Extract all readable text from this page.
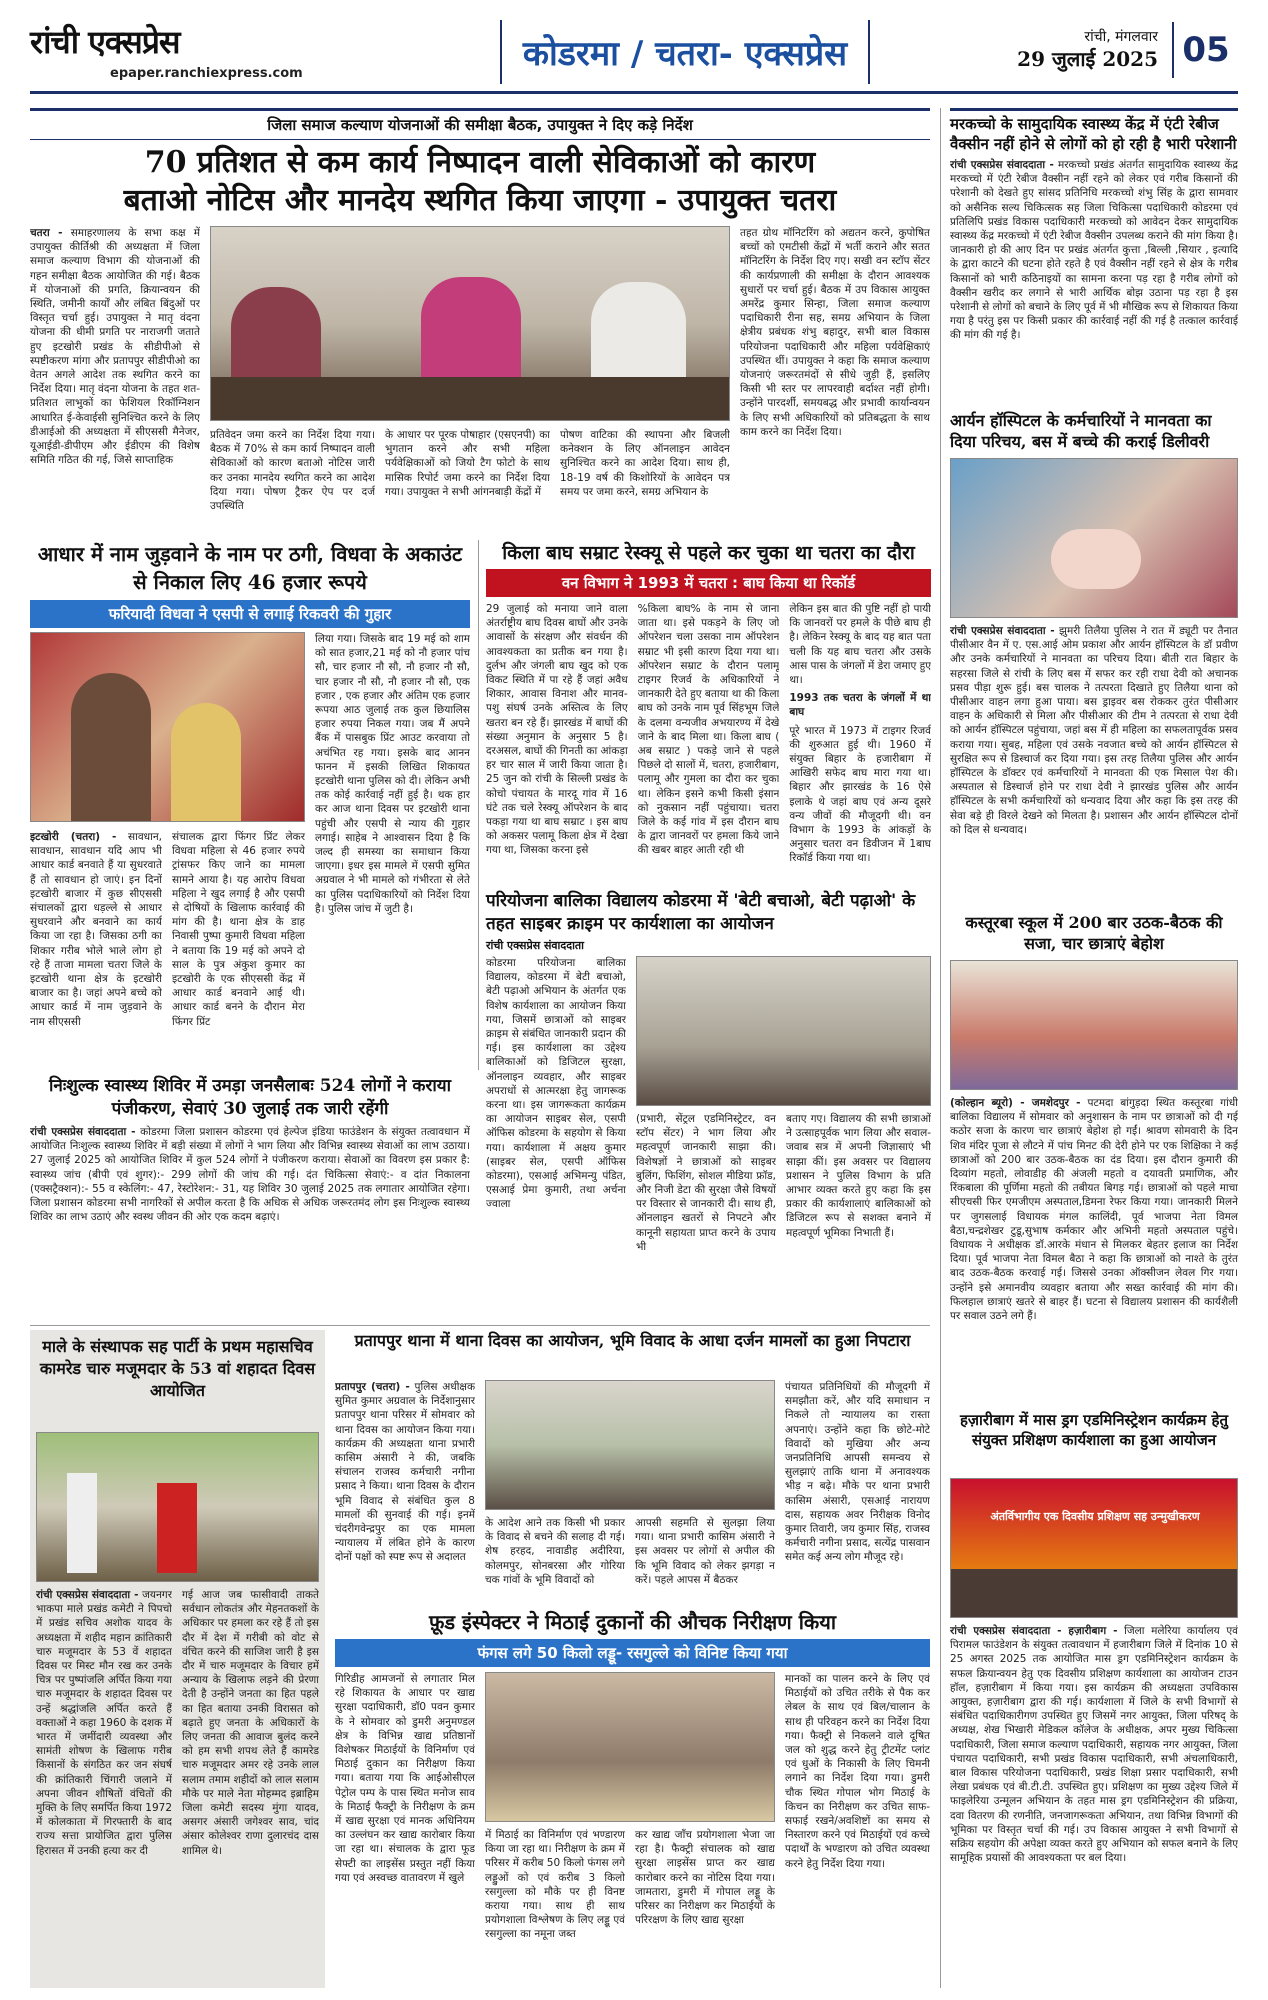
रांची एक्सप्रेस
epaper.ranchiexpress.com	कोडरमा / चतरा- एक्सप्रेस	रांची, मंगलवार
29 जुलाई 2025 05
जिला समाज कल्याण योजनाओं की समीक्षा बैठक, उपायुक्त ने दिए कड़े निर्देश
70 प्रतिशत से कम कार्य निष्पादन वाली सेविकाओं को कारण
बताओ नोटिस और मानदेय स्थगित किया जाएगा - उपायुक्त चतरा
चतरा - समाहरणालय के सभा कक्ष में उपायुक्त कीर्तिश्री की अध्यक्षता में जिला समाज कल्याण विभाग की योजनाओं की गहन समीक्षा बैठक आयोजित की गई। बैठक में योजनाओं की प्रगति, क्रियान्वयन की स्थिति, जमीनी कार्यों और लंबित बिंदुओं पर विस्तृत चर्चा हुई। उपायुक्त ने मातृ वंदना योजना की धीमी प्रगति पर नाराजगी जताते हुए इटखोरी प्रखंड के सीडीपीओ से स्पष्टीकरण मांगा और प्रतापपुर सीडीपीओ का वेतन अगले आदेश तक स्थगित करने का निर्देश दिया। मातृ वंदना योजना के तहत शत-प्रतिशत लाभुकों का फेशियल रिकॉग्निशन आधारित ई-केवाईसी सुनिश्चित करने के लिए डीआईओ की अध्यक्षता में सीएससी मैनेजर, यूआईडी-डीपीएम और ईडीएम की विशेष समिति गठित की गई, जिसे साप्ताहिक
प्रतिवेदन जमा करने का निर्देश दिया गया। बैठक में 70% से कम कार्य निष्पादन वाली सेविकाओं को कारण बताओ नोटिस जारी कर उनका मानदेय स्थगित करने का आदेश दिया गया। पोषण ट्रैकर ऐप पर दर्ज उपस्थिति
के आधार पर पूरक पोषाहार (एसएनपी) का भुगतान करने और सभी महिला पर्यवेक्षिकाओं को जियो टैग फोटो के साथ मासिक रिपोर्ट जमा करने का निर्देश दिया गया। उपायुक्त ने सभी आंगनबाड़ी केंद्रों में
पोषण वाटिका की स्थापना और बिजली कनेक्शन के लिए ऑनलाइन आवेदन सुनिश्चित करने का आदेश दिया। साथ ही, 18-19 वर्ष की किशोरियों के आवेदन पत्र समय पर जमा करने, समग्र अभियान के
तहत ग्रोथ मॉनिटरिंग को अद्यतन करने, कुपोषित बच्चों को एमटीसी केंद्रों में भर्ती कराने और सतत मॉनिटरिंग के निर्देश दिए गए। सखी वन स्टॉप सेंटर की कार्यप्रणाली की समीक्षा के दौरान आवश्यक सुधारों पर चर्चा हुई। बैठक में उप विकास आयुक्त अमरेंद्र कुमार सिन्हा, जिला समाज कल्याण पदाधिकारी रीना सह, समग्र अभियान के जिला क्षेत्रीय प्रबंधक शंभु बहादुर, सभी बाल विकास परियोजना पदाधिकारी और महिला पर्यवेक्षिकाएं उपस्थित थीं। उपायुक्त ने कहा कि समाज कल्याण योजनाएं जरूरतमंदों से सीधे जुड़ी हैं, इसलिए किसी भी स्तर पर लापरवाही बर्दाश्त नहीं होगी। उन्होंने पारदर्शी, समयबद्ध और प्रभावी कार्यान्वयन के लिए सभी अधिकारियों को प्रतिबद्धता के साथ काम करने का निर्देश दिया।
मरकच्चो के सामुदायिक स्वास्थ्य केंद्र में एंटी रेबीज वैक्सीन नहीं होने से लोगों को हो रही है भारी परेशानी
रांची एक्सप्रेस संवाददाता - मरकच्चो प्रखंड अंतर्गत सामुदायिक स्वास्थ्य केंद्र मरकच्चो में एंटी रेबीज वैक्सीन नहीं रहने को लेकर एवं गरीब किसानों की परेशानी को देखते हुए सांसद प्रतिनिधि मरकच्चो शंभु सिंह के द्वारा सामवार को असैनिक सल्य चिकित्सक सह जिला चिकित्सा पदाधिकारी कोडरमा एवं प्रतिलिपि प्रखंड विकास पदाधिकारी मरकच्चो को आवेदन देकर सामुदायिक स्वास्थ्य केंद्र मरकच्चो में एंटी रेबीज वैक्सीन उपलब्ध कराने की मांग किया है। जानकारी हो की आए दिन पर प्रखंड अंतर्गत कुत्ता ,बिल्ली ,सियार , इत्यादि के द्वारा काटने की घटना होते रहते है एवं वैक्सीन नहीं रहने से क्षेत्र के गरीब किसानों को भारी कठिनाइयों का सामना करना पड़ रहा है गरीब लोगों को वैक्सीन खरीद कर लगाने से भारी आर्थिक बोझ उठाना पड़ रहा है इस परेशानी से लोगों को बचाने के लिए पूर्व में भी मौखिक रूप से शिकायत किया गया है परंतु इस पर किसी प्रकार की कार्रवाई नहीं की गई है तत्काल कार्रवाई की मांग की गई है।
आर्यन हॉस्पिटल के कर्मचारियों ने मानवता का दिया परिचय, बस में बच्चे की कराई डिलीवरी
रांची एक्सप्रेस संवाददाता - झुमरी तिलैया पुलिस ने रात में ड्यूटी पर तैनात पीसीआर वैन में ए. एस.आई ओम प्रकाश और आर्यन हॉस्पिटल के डॉ प्रवीण और उनके कर्मचारियों ने मानवता का परिचय दिया। बीती रात बिहार के सहरसा जिले से रांची के लिए बस में सफर कर रही राधा देवी को अचानक प्रसव पीड़ा शुरू हुई। बस चालक ने तत्परता दिखाते हुए तिलैया थाना को पीसीआर वाहन लगा हुआ पाया। बस ड्राइवर बस रोककर तुरंत पीसीआर वाहन के अधिकारी से मिला और पीसीआर की टीम ने तत्परता से राधा देवी को आर्यन हॉस्पिटल पहुंचाया, जहां बस में ही महिला का सफलतापूर्वक प्रसव कराया गया। सुबह, महिला एवं उसके नवजात बच्चे को आर्यन हॉस्पिटल से सुरक्षित रूप से डिस्चार्ज कर दिया गया। इस तरह तिलैया पुलिस और आर्यन हॉस्पिटल के डॉक्टर एवं कर्मचारियों ने मानवता की एक मिसाल पेश की। अस्पताल से डिस्चार्ज होने पर राधा देवी ने झारखंड पुलिस और आर्यन हॉस्पिटल के सभी कर्मचारियों को धन्यवाद दिया और कहा कि इस तरह की सेवा बड़े ही विरले देखने को मिलता है। प्रशासन और आर्यन हॉस्पिटल दोनों को दिल से धन्यवाद।
कस्तूरबा स्कूल में 200 बार उठक-बैठक की सजा, चार छात्राएं बेहोश
(कोल्हान ब्यूरो) - जमशेदपुर - पटमदा बांगुड़दा स्थित कस्तूरबा गांधी बालिका विद्यालय में सोमवार को अनुशासन के नाम पर छात्राओं को दी गई कठोर सजा के कारण चार छात्राएं बेहोश हो गईं। श्रावण सोमवारी के दिन शिव मंदिर पूजा से लौटने में पांच मिनट की देरी होने पर एक शिक्षिका ने कई छात्राओं को 200 बार उठक-बैठक का दंड दिया। इस दौरान कुमारी की दिव्यांग महतो, लोवाडीह की अंजली महतो व दयावती प्रमाणिक, और रिंकबाला की पूर्णिमा महतो की तबीयत बिगड़ गई। छात्राओं को पहले माचा सीएचसी फिर एमजीएम अस्पताल,डिमना रेफर किया गया। जानकारी मिलने पर जुगसलाई विधायक मंगल कालिंदी, पूर्व भाजपा नेता विमल बैठा,चन्द्रशेखर टुडू,सुभाष कर्मकार और अभिनी महतो अस्पताल पहुंचे। विधायक ने अधीक्षक डॉ.आरके मंधान से मिलकर बेहतर इलाज का निर्देश दिया। पूर्व भाजपा नेता विमल बैठा ने कहा कि छात्राओं को नाश्ते के तुरंत बाद उठक-बैठक करवाई गई। जिससे उनका ऑक्सीजन लेवल गिर गया। उन्होंने इसे अमानवीय व्यवहार बताया और सख्त कार्रवाई की मांग की। फिलहाल छात्राएं खतरे से बाहर हैं। घटना से विद्यालय प्रशासन की कार्यशैली पर सवाल उठने लगे हैं।
हज़ारीबाग में मास ड्रग एडमिनिस्ट्रेशन कार्यक्रम हेतु संयुक्त प्रशिक्षण कार्यशाला का हुआ आयोजन
अंतर्विभागीय एक दिवसीय प्रशिक्षण सह उन्मुखीकरण
रांची एक्सप्रेस संवाददाता - हज़ारीबाग - जिला मलेरिया कार्यालय एवं पिरामल फाउंडेशन के संयुक्त तत्वावधान में हजारीबाग जिले में दिनांक 10 से 25 अगस्त 2025 तक आयोजित मास ड्रग एडमिनिस्ट्रेशन कार्यक्रम के सफल क्रियान्वयन हेतु एक दिवसीय प्रशिक्षण कार्यशाला का आयोजन टाउन हॉल, हज़ारीबाग में किया गया। इस कार्यक्रम की अध्यक्षता उपविकास आयुक्त, हज़ारीबाग द्वारा की गई। कार्यशाला में जिले के सभी विभागों से संबंधित पदाधिकारीगण उपस्थित हुए जिसमें नगर आयुक्त, जिला परिषद् के अध्यक्ष, शेख भिखारी मेडिकल कॉलेज के अधीक्षक, अपर मुख्य चिकित्सा पदाधिकारी, जिला समाज कल्याण पदाधिकारी, सहायक नगर आयुक्त, जिला पंचायत पदाधिकारी, सभी प्रखंड विकास पदाधिकारी, सभी अंचलाधिकारी, बाल विकास परियोजना पदाधिकारी, प्रखंड शिक्षा प्रसार पदाधिकारी, सभी लेखा प्रबंधक एवं बी.टी.टी. उपस्थित हुए। प्रशिक्षण का मुख्य उद्देश्य जिले में फाइलेरिया उन्मूलन अभियान के तहत मास ड्रग एडमिनिस्ट्रेशन की प्रक्रिया, दवा वितरण की रणनीति, जनजागरूकता अभियान, तथा विभिन्न विभागों की भूमिका पर विस्तृत चर्चा की गई। उप विकास आयुक्त ने सभी विभागों से सक्रिय सहयोग की अपेक्षा व्यक्त करते हुए अभियान को सफल बनाने के लिए सामूहिक प्रयासों की आवश्यकता पर बल दिया।
आधार में नाम जुड़वाने के नाम पर ठगी, विधवा के अकाउंट से निकाल लिए 46 हजार रूपये
फरियादी विधवा ने एसपी से लगाई रिकवरी की गुहार
इटखोरी (चतरा) - सावधान, सावधान, सावधान यदि आप भी आधार कार्ड बनवाते हैं या सुधरवाते हैं तो सावधान हो जाएं। इन दिनों इटखोरी बाजार में कुछ सीएससी संचालकों द्वारा धड़ल्ले से आधार सुधरवाने और बनवाने का कार्य किया जा रहा है। जिसका ठगी का शिकार गरीब भोले भाले लोग हो रहे हैं ताजा मामला चतरा जिले के इटखोरी थाना क्षेत्र के इटखोरी बाजार का है। जहां अपने बच्चे को आधार कार्ड में नाम जुड़वाने के नाम सीएससी
संचालक द्वारा फिंगर प्रिंट लेकर विधवा महिला से 46 हजार रुपये ट्रांसफर किए जाने का मामला सामने आया है। यह आरोप विधवा महिला ने खुद लगाई है और एसपी से दोषियों के खिलाफ कार्रवाई की मांग की है। थाना क्षेत्र के डाह निवासी पुष्पा कुमारी विधवा महिला ने बताया कि 19 मई को अपने दो साल के पुत्र अंकुश कुमार का इटखोरी के एक सीएससी केंद्र में आधार कार्ड बनवाने आई थी। आधार कार्ड बनने के दौरान मेरा फिंगर प्रिंट
लिया गया। जिसके बाद 19 मई को शाम को सात हजार,21 मई को नौ हजार पांच सौ, चार हजार नौ सौ, नौ हजार नौ सौ, चार हजार नौ सौ, नौ हजार नौ सौ, एक हजार , एक हजार और अंतिम एक हजार रूपया आठ जुलाई तक कुल छियालिस हजार रुपया निकल गया। जब मैं अपने बैंक में पासबुक प्रिंट आउट करवाया तो अचंभित रह गया। इसके बाद आनन फानन में इसकी लिखित शिकायत इटखोरी थाना पुलिस को दी। लेकिन अभी तक कोई कार्रवाई नहीं हुई है। थक हार कर आज थाना दिवस पर इटखोरी थाना पहुंची और एसपी से न्याय की गुहार लगाई। साहेब ने आश्वासन दिया है कि जल्द ही समस्या का समाधान किया जाएगा। इधर इस मामले में एसपी सुमित अग्रवाल ने भी मामले को गंभीरता से लेते का पुलिस पदाधिकारियों को निर्देश दिया है। पुलिस जांच में जुटी है।
किला बाघ सम्राट रेस्क्यू से पहले कर चुका था चतरा का दौरा
वन विभाग ने 1993 में चतरा : बाघ किया था रिकॉर्ड
29 जुलाई को मनाया जाने वाला अंतर्राष्ट्रीय बाघ दिवस बाघों और उनके आवासों के संरक्षण और संवर्धन की आवश्यकता का प्रतीक बन गया है। दुर्लभ और जंगली बाघ खुद को एक विकट स्थिति में पा रहे हैं जहां अवैध शिकार, आवास विनाश और मानव-पशु संघर्ष उनके अस्तित्व के लिए खतरा बन रहे हैं। झारखंड में बाघों की संख्या अनुमान के अनुसार 5 है। दरअसल, बाघों की गिनती का आंकड़ा हर चार साल में जारी किया जाता है। 25 जुन को रांची के सिल्ली प्रखंड के कोचो पंचायत के मारदू गांव में 16 घंटे तक चले रेस्क्यू ऑपरेशन के बाद पकड़ा गया था बाघ सम्राट । इस बाघ को अकसर पलामू किला क्षेत्र में देखा गया था, जिसका करना इसे
%किला बाघ% के नाम से जाना जाता था। इसे पकड़ने के लिए जो ऑपरेशन चला उसका नाम ऑपरेशन सम्राट भी इसी कारण दिया गया था। ऑपरेशन सम्राट के दौरान पलामू टाइगर रिजर्व के अधिकारियों ने जानकारी देते हुए बताया था की किला बाघ को उनके नाम पूर्व सिंहभूम जिले के दलमा वन्यजीव अभयारण्य में देखे जाने के बाद मिला था। किला बाघ ( अब सम्राट ) पकड़े जाने से पहले पिछले दो सालों में, चतरा, हजारीबाग, पलामू और गुमला का दौरा कर चुका था। लेकिन इसने कभी किसी इंसान को नुकसान नहीं पहुंचाया। चतरा जिले के कई गांव में इस दौरान बाघ के द्वारा जानवरों पर हमला किये जाने की खबर बाहर आती रही थी
लेकिन इस बात की पुष्टि नहीं हो पायी कि जानवरों पर हमले के पीछे बाघ ही है। लेकिन रेस्क्यू के बाद यह बात पता चली कि यह बाघ चतरा और उसके आस पास के जंगलों में डेरा जमाए हुए था।
1993 तक चतरा के जंगलों में था बाघ
पूरे भारत में 1973 में टाइगर रिजर्व की शुरुआत हुई थी। 1960 में संयुक्त बिहार के हजारीबाग में आखिरी सफेद बाघ मारा गया था। बिहार और झारखंड के 16 ऐसे इलाके थे जहां बाघ एवं अन्य दूसरे वन्य जीवों की मौजूदगी थी। वन विभाग के 1993 के आंकड़ों के अनुसार चतरा वन डिवीजन में 1बाघ रिकॉर्ड किया गया था।
परियोजना बालिका विद्यालय कोडरमा में 'बेटी बचाओ, बेटी पढ़ाओ' के तहत साइबर क्राइम पर कार्यशाला का आयोजन
रांची एक्सप्रेस संवाददाता
कोडरमा परियोजना बालिका विद्यालय, कोडरमा में बेटी बचाओ, बेटी पढ़ाओ अभियान के अंतर्गत एक विशेष कार्यशाला का आयोजन किया गया, जिसमें छात्राओं को साइबर क्राइम से संबंधित जानकारी प्रदान की गई। इस कार्यशाला का उद्देश्य बालिकाओं को डिजिटल सुरक्षा, ऑनलाइन व्यवहार, और साइबर अपराधों से आत्मरक्षा हेतु जागरूक करना था। इस जागरूकता कार्यक्रम का आयोजन साइबर सेल, एसपी ऑफिस कोडरमा के सहयोग से किया गया। कार्यशाला में अक्षय कुमार (साइबर सेल, एसपी ऑफिस कोडरमा), एसआई अभिमन्यु पंडित, एसआई प्रेमा कुमारी, तथा अर्चना ज्वाला
(प्रभारी, सेंट्रल एडमिनिस्ट्रेटर, वन स्टॉप सेंटर) ने भाग लिया और महत्वपूर्ण जानकारी साझा की। विशेषज्ञों ने छात्राओं को साइबर बुलिंग, फिशिंग, सोशल मीडिया फ्रॉड, और निजी डेटा की सुरक्षा जैसे विषयों पर विस्तार से जानकारी दी। साथ ही, ऑनलाइन खतरों से निपटने और कानूनी सहायता प्राप्त करने के उपाय भी
बताए गए। विद्यालय की सभी छात्राओं ने उत्साहपूर्वक भाग लिया और सवाल-जवाब सत्र में अपनी जिज्ञासाएं भी साझा कीं। इस अवसर पर विद्यालय प्रशासन ने पुलिस विभाग के प्रति आभार व्यक्त करते हुए कहा कि इस प्रकार की कार्यशालाएं बालिकाओं को डिजिटल रूप से सशक्त बनाने में महत्वपूर्ण भूमिका निभाती हैं।
निःशुल्क स्वास्थ्य शिविर में उमड़ा जनसैलाबः 524 लोगों ने कराया पंजीकरण, सेवाएं 30 जुलाई तक जारी रहेंगी
रांची एक्सप्रेस संवाददाता - कोडरमा जिला प्रशासन कोडरमा एवं हेल्पेज इंडिया फाउंडेशन के संयुक्त तत्वावधान में आयोजित निःशुल्क स्वास्थ्य शिविर में बड़ी संख्या में लोगों ने भाग लिया और विभिन्न स्वास्थ्य सेवाओं का लाभ उठाया। 27 जुलाई 2025 को आयोजित शिविर में कुल 524 लोगों ने पंजीकरण कराया। सेवाओं का विवरण इस प्रकार है: स्वास्थ्य जांच (बीपी एवं शुगर):- 299 लोगों की जांच की गई। दंत चिकित्सा सेवाएं:- व दांत निकालना (एक्सट्रैक्शन):- 55 व स्केलिंग:- 47, रेस्टोरेशन:- 31, यह शिविर 30 जुलाई 2025 तक लगातार आयोजित रहेगा। जिला प्रशासन कोडरमा सभी नागरिकों से अपील करता है कि अधिक से अधिक जरूरतमंद लोग इस निःशुल्क स्वास्थ्य शिविर का लाभ उठाएं और स्वस्थ जीवन की ओर एक कदम बढ़ाएं।
माले के संस्थापक सह पार्टी के प्रथम महासचिव कामरेड चारु मजूमदार के 53 वां शहादत दिवस आयोजित
रांची एक्सप्रेस संवाददाता - जयनगर भाकपा माले प्रखंड कमेटी ने पिपचो में प्रखंड सचिव अशोक यादव के अध्यक्षता में शहीद महान क्रांतिकारी चारु मजूमदार के 53 वें शहादत दिवस पर मिस्ट मौन रख कर उनके चित्र पर पुष्पांजलि अर्पित किया गया चारु मजूमदार के शहादत दिवस पर उन्हें श्रद्धांजलि अर्पित करते हैं वक्ताओं ने कहा 1960 के दशक में भारत में जमींदारी व्यवस्था और सामंती शोषण के खिलाफ गरीब किसानों के संगठित कर जन संघर्ष की क्रांतिकारी चिंगारी जलाने में अपना जीवन शौषितों वंचितों की मुक्ति के लिए समर्पित किया 1972 में कोलकाता में गिरफ्तारी के बाद राज्य सत्ता प्रायोजित द्वारा पुलिस हिरासत में उनकी हत्या कर दी
गई आज जब फासीवादी ताकते सर्वधान लोकतंत्र और मेहनतकशों के अधिकार पर हमला कर रहे हैं तो इस दौर में देश में गरीबी को वोट से वंचित करने की साजिश जारी है इस दौर में चारु मजूमदार के विचार हमें अन्याय के खिलाफ लड़ने की प्रेरणा देती है उन्होंने जनता का हित पहले का हित बताया उनकी विरासत को बढ़ाते हुए जनता के अधिकारों के लिए जनता की आवाज बुलंद करने को हम सभी शपथ लेते हैं कामरेड चारु मजूमदार अमर रहे उनके लाल सलाम तमाम शहीदों को लाल सलाम मौके पर माले नेता मोहम्मद इब्राहिम जिला कमेटी सदस्य मुंगा यादव, असगर अंसारी जगेश्वर साव, चांद अंसार कोलेश्वर राणा दुलारचंद दास शामिल थे।
प्रतापपुर थाना में थाना दिवस का आयोजन, भूमि विवाद के आधा दर्जन मामलों का हुआ निपटारा
प्रतापपुर (चतरा) - पुलिस अधीक्षक सुमित कुमार अग्रवाल के निर्देशानुसार प्रतापपुर थाना परिसर में सोमवार को थाना दिवस का आयोजन किया गया। कार्यक्रम की अध्यक्षता थाना प्रभारी कासिम अंसारी ने की, जबकि संचालन राजस्व कर्मचारी नगीना प्रसाद ने किया। थाना दिवस के दौरान भूमि विवाद से संबंधित कुल 8 मामलों की सुनवाई की गई। इनमें चंदरीगवेन्द्रपुर का एक मामला न्यायालय में लंबित होने के कारण दोनों पक्षों को स्पष्ट रूप से अदालत
के आदेश आने तक किसी भी प्रकार के विवाद से बचने की सलाह दी गई। शेष हरहद, नावाडीह अदीरिया, कोलमपुर, सोनबरसा और गोरिया चक गांवों के भूमि विवादों को
आपसी सहमति से सुलझा लिया गया। थाना प्रभारी कासिम अंसारी ने इस अवसर पर लोगों से अपील की कि भूमि विवाद को लेकर झगड़ा न करें। पहले आपस में बैठकर
पंचायत प्रतिनिधियों की मौजूदगी में समझौता करें, और यदि समाधान न निकले तो न्यायालय का रास्ता अपनाएं। उन्होंने कहा कि छोटे-मोटे विवादों को मुखिया और अन्य जनप्रतिनिधि आपसी समन्वय से सुलझाएं ताकि थाना में अनावश्यक भीड़ न बढ़े। मौके पर थाना प्रभारी कासिम अंसारी, एसआई नारायण दास, सहायक अवर निरीक्षक विनोद कुमार तिवारी, जय कुमार सिंह, राजस्व कर्मचारी नगीना प्रसाद, सत्येंद्र पासवान समेत कई अन्य लोग मौजूद रहे।
फ़ूड इंस्पेक्टर ने मिठाई दुकानों की औचक निरीक्षण किया
फंगस लगे 50 किलो लड्डू- रसगुल्ले को विनिष्ट किया गया
गिरिडीह आमजनों से लगातार मिल रहे शिकायत के आधार पर खाद्य सुरक्षा पदाधिकारी, डॉ0 पवन कुमार के ने सोमवार को डुमरी अनुमण्डल क्षेत्र के विभिन्न खाद्य प्रतिष्ठानों विशेषकर मिठाईयों के विनिर्माण एवं मिठाई दुकान का निरीक्षण किया गया। बताया गया कि आईओसीएल पेट्रोल पम्प के पास स्थित मनोज साव के मिठाई फैक्ट्री के निरीक्षण के क्रम में खाद्य सुरक्षा एवं मानक अधिनियम का उल्लंघन कर खाद्य कारोबार किया जा रहा था। संचालक के द्वारा फूड सेफ्टी का लाइसेंस प्रस्तुत नहीं किया गया एवं अस्वच्छ वातावरण में खुले
में मिठाई का विनिर्माण एवं भण्डारण किया जा रहा था। निरीक्षण के क्रम में परिसर में करीब 50 किलो फंगस लगे लड्डुओं को एवं करीब 3 किलो रसगुल्ला को मौके पर ही विनष्ट कराया गया। साथ ही साथ प्रयोगशाला विश्लेषण के लिए लड्डू एवं रसगुल्ला का नमूना जब्त
कर खाद्य जाँच प्रयोगशाला भेजा जा रहा है। फैक्ट्री संचालक को खाद्य सुरक्षा लाइसेंस प्राप्त कर खाद्य कारोबार करने का नोटिस दिया गया। जामतारा, डुमरी में गोपाल लड्डू के परिसर का निरीक्षण कर मिठाईयों के परिरक्षण के लिए खाद्य सुरक्षा
मानकों का पालन करने के लिए एवं मिठाईयों को उचित तरीके से पैक कर लेबल के साथ एवं बिल/चालान के साथ ही परिवहन करने का निर्देश दिया गया। फैक्ट्री से निकलने वाले दूषित जल को शुद्ध करने हेतु ट्रीटमेंट प्लांट एवं धुओं के निकासी के लिए चिमनी लगाने का निर्देश दिया गया। डुमरी चौक स्थित गोपाल भोग मिठाई के किचन का निरीक्षण कर उचित साफ-सफाई रखने/अवशिष्टों का समय से निस्तारण करने एवं मिठाईयों एवं कच्चे पदार्थों के भण्डारण को उचित व्यवस्था करने हेतु निर्देश दिया गया।
